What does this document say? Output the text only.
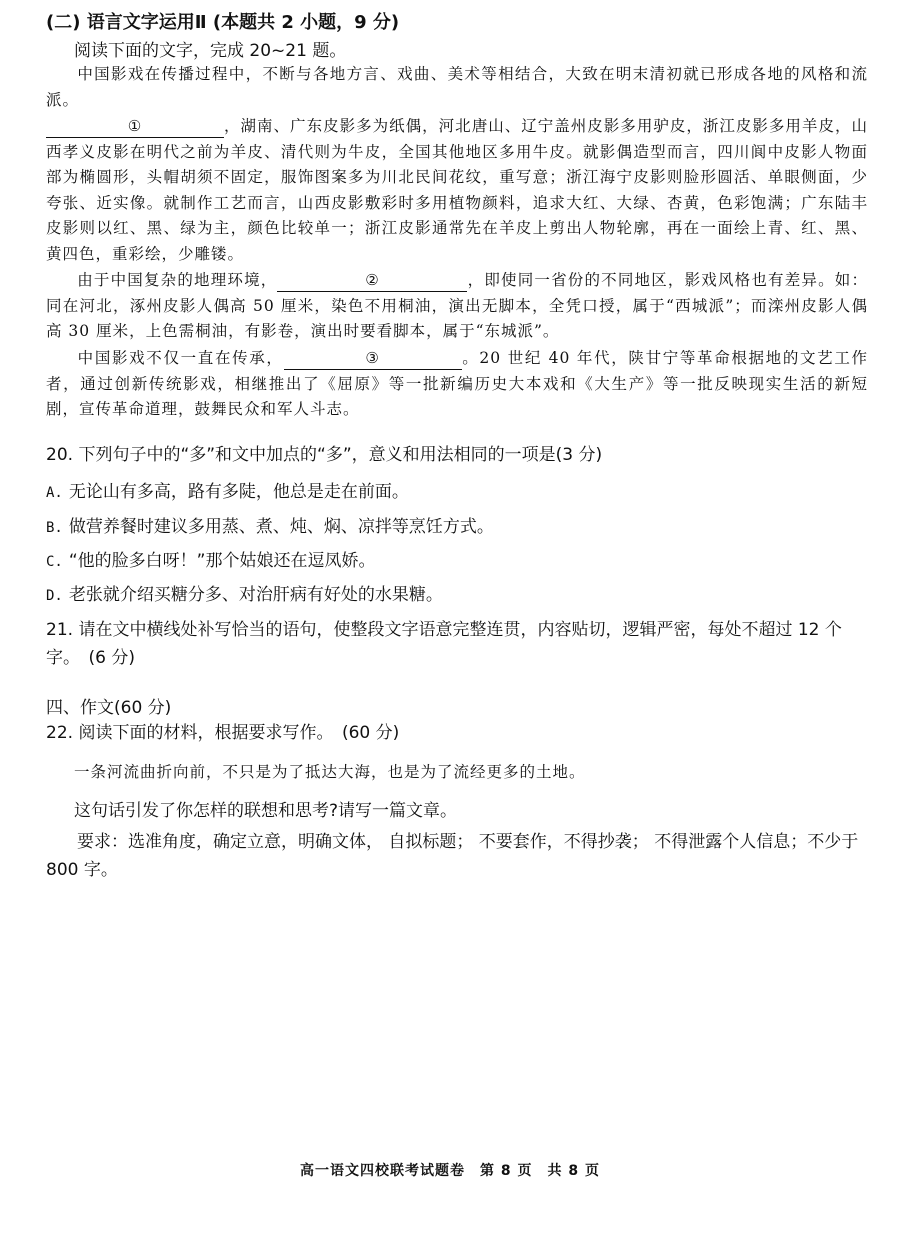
(二) 语言文字运用Ⅱ (本题共 2 小题，9 分)
阅读下面的文字，完成 20~21 题。
中国影戏在传播过程中，不断与各地方言、戏曲、美术等相结合，大致在明末清初就已形成各地的风格和流派。
①	，湖南、广东皮影多为纸偶，河北唐山、辽宁盖州皮影多用驴皮，浙江皮影多用羊皮，山西孝义皮影在明代之前为羊皮、清代则为牛皮，全国其他地区多用牛皮。就影偶造型而言，四川阆中皮影人物面部为椭圆形，头帽胡须不固定，服饰图案多为川北民间花纹，重写意；浙江海宁皮影则脸形圆活、单眼侧面，少夸张、近实像。就制作工艺而言，山西皮影敷彩时多用植物颜料，追求大红、大绿、杏黄，色彩饱满；广东陆丰皮影则以红、黑、绿为主，颜色比较单一；浙江皮影通常先在羊皮上剪出人物轮廓，再在一面绘上青、红、黑、黄四色，重彩绘，少雕镂。
由于中国复杂的地理环境，	②	，即使同一省份的不同地区，影戏风格也有差异。如：同在河北，涿州皮影人偶高 50 厘米，染色不用桐油，演出无脚本，全凭口授，属于“西城派”；而滦州皮影人偶高 30 厘米，上色需桐油，有影卷，演出时要看脚本，属于“东城派”。
中国影戏不仅一直在传承，	③	。20 世纪 40 年代，陕甘宁等革命根据地的文艺工作者，通过创新传统影戏，相继推出了《屈原》等一批新编历史大本戏和《大生产》等一批反映现实生活的新短剧，宣传革命道理，鼓舞民众和军人斗志。
20. 下列句子中的“多”和文中加点的“多”，意义和用法相同的一项是(3 分)
A. 无论山有多高，路有多陡，他总是走在前面。
B. 做营养餐时建议多用蒸、煮、炖、焖、凉拌等烹饪方式。
C. “他的脸多白呀！”那个姑娘还在逗凤娇。
D. 老张就介绍买糖分多、对治肝病有好处的水果糖。
21. 请在文中横线处补写恰当的语句，使整段文字语意完整连贯，内容贴切，逻辑严密，每处不超过 12 个字。　 (6 分)
四、作文(60 分)
22. 阅读下面的材料，根据要求写作。　 (60 分)
一条河流曲折向前，不只是为了抵达大海，也是为了流经更多的土地。
这句话引发了你怎样的联想和思考?请写一篇文章。
要求：选准角度，确定立意，明确文体， 自拟标题； 不要套作，不得抄袭； 不得泄露个人信息；不少于 800 字。
高一语文四校联考试题卷　第 8 页　共 8 页
